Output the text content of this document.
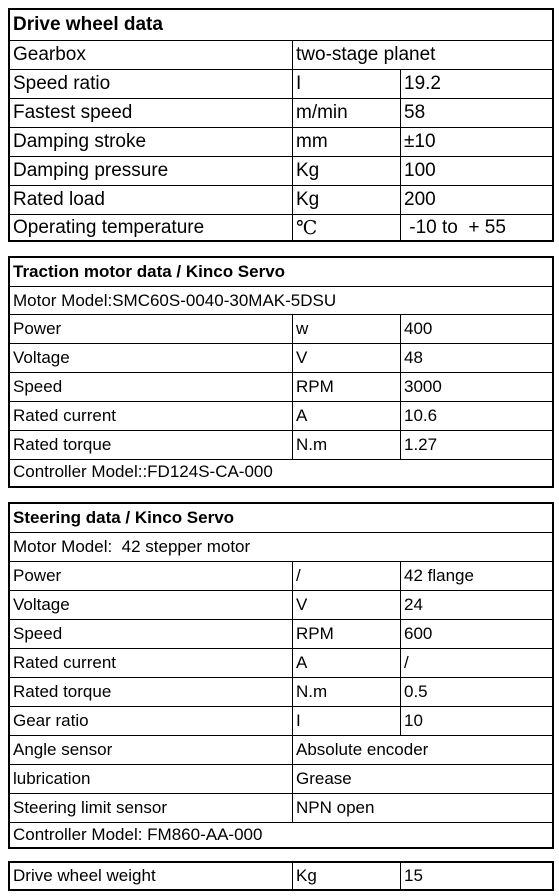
Drive wheel data
Gearbox	two-stage planet
Speed ratio	I	19.2
Fastest speed	m/min	58
Damping stroke	mm	±10
Damping pressure	Kg	100
Rated load	Kg	200
Operating temperature	℃	-10 to  + 55
Traction motor data / Kinco Servo
Motor Model:SMC60S-0040-30MAK-5DSU
Power	w	400
Voltage	V	48
Speed	RPM	3000
Rated current	A	10.6
Rated torque	N.m	1.27
Controller Model::FD124S-CA-000
Steering data / Kinco Servo
Motor Model:  42 stepper motor
Power	/	42 flange
Voltage	V	24
Speed	RPM	600
Rated current	A	/
Rated torque	N.m	0.5
Gear ratio	I	10
Angle sensor	Absolute encoder
lubrication	Grease
Steering limit sensor	NPN open
Controller Model: FM860-AA-000
Drive wheel weight	Kg	15
